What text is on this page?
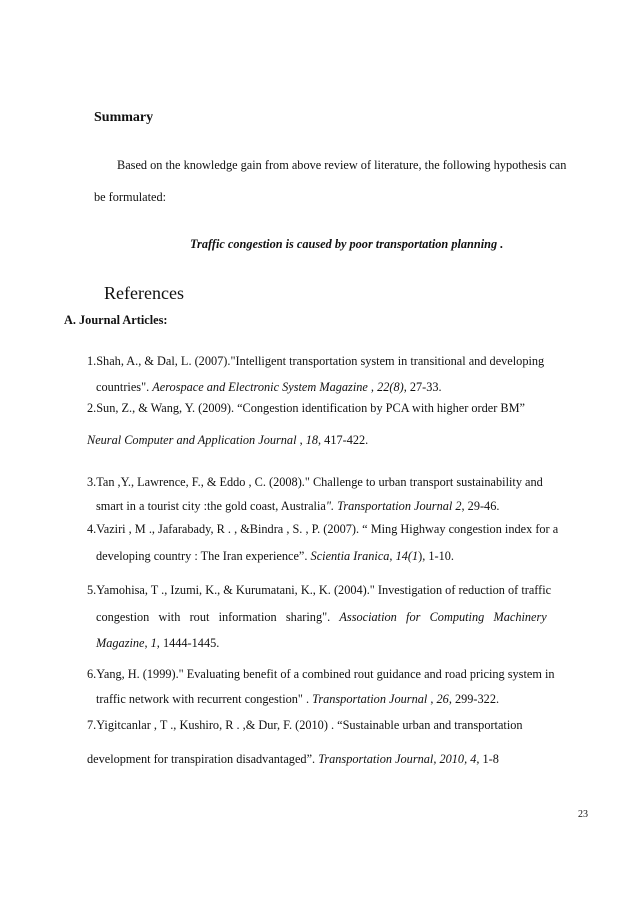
Summary
Based on the knowledge gain from above review of literature, the following hypothesis can
be formulated:
Traffic congestion is caused by poor transportation planning .
References
A. Journal Articles:
1.Shah, A., & Dal, L. (2007)."Intelligent transportation system in transitional and developing
countries". Aerospace and Electronic System Magazine , 22(8), 27-33.
2.Sun, Z., & Wang, Y. (2009). “Congestion identification by PCA with higher order BM”
Neural Computer and Application Journal , 18, 417-422.
3.Tan ,Y., Lawrence, F., & Eddo , C. (2008)." Challenge to urban transport sustainability and
smart in a tourist city :the gold coast, Australia". Transportation Journal 2, 29-46.
4.Vaziri , M ., Jafarabady, R . , &Bindra , S. , P. (2007). “ Ming Highway congestion index for a
developing country : The Iran experience”. Scientia Iranica, 14(1), 1-10.
5.Yamohisa, T ., Izumi, K., & Kurumatani, K., K. (2004)." Investigation of reduction of traffic
congestion   with   rout   information   sharing".   Association   for   Computing   Machinery
Magazine, 1, 1444-1445.
6.Yang, H. (1999)." Evaluating benefit of a combined rout guidance and road pricing system in
traffic network with recurrent congestion" . Transportation Journal , 26, 299-322.
7.Yigitcanlar , T ., Kushiro, R . ,& Dur, F. (2010) . “Sustainable urban and transportation
development for transpiration disadvantaged”. Transportation Journal, 2010, 4, 1-8
23
